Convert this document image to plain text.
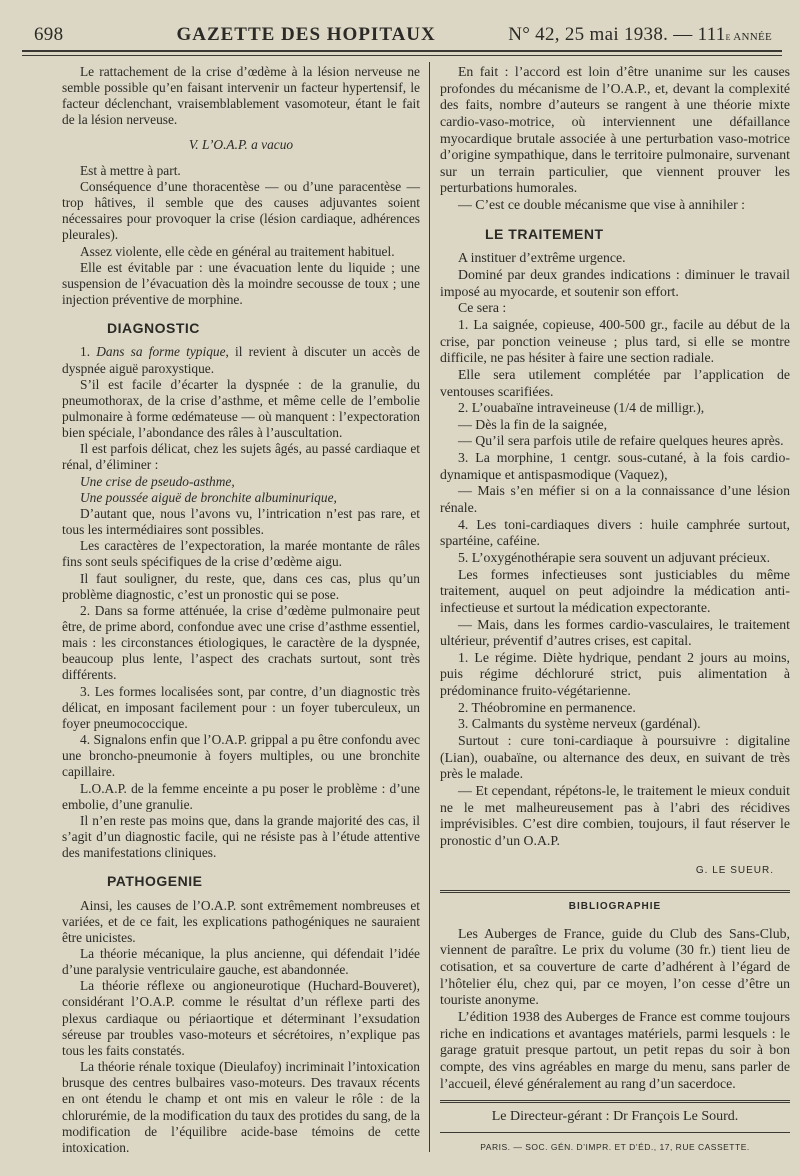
698	GAZETTE DES HOPITAUX	N° 42, 25 mai 1938. — 111e ANNÉE

Le rattachement de la crise d’œdème à la lésion nerveuse ne semble possible qu’en faisant intervenir un facteur hypertensif, le facteur déclenchant, vraisemblablement vasomoteur, étant le fait de la lésion nerveuse.

V. L’O.A.P. a vacuo

Est à mettre à part.

Conséquence d’une thoracentèse — ou d’une paracentèse — trop hâtives, il semble que des causes adjuvantes soient nécessaires pour provoquer la crise (lésion cardiaque, adhérences pleurales).

Assez violente, elle cède en général au traitement habituel.

Elle est évitable par : une évacuation lente du liquide ; une suspension de l’évacuation dès la moindre secousse de toux ; une injection préventive de morphine.

DIAGNOSTIC

1. Dans sa forme typique, il revient à discuter un accès de dyspnée aiguë paroxystique.

S’il est facile d’écarter la dyspnée : de la granulie, du pneumothorax, de la crise d’asthme, et même celle de l’embolie pulmonaire à forme œdémateuse — où manquent : l’expectoration bien spéciale, l’abondance des râles à l’auscultation.

Il est parfois délicat, chez les sujets âgés, au passé cardiaque et rénal, d’éliminer :

Une crise de pseudo-asthme,

Une poussée aiguë de bronchite albuminurique,

D’autant que, nous l’avons vu, l’intrication n’est pas rare, et tous les intermédiaires sont possibles.

Les caractères de l’expectoration, la marée montante de râles fins sont seuls spécifiques de la crise d’œdème aigu.

Il faut souligner, du reste, que, dans ces cas, plus qu’un problème diagnostic, c’est un pronostic qui se pose.

2. Dans sa forme atténuée, la crise d’œdème pulmonaire peut être, de prime abord, confondue avec une crise d’asthme essentiel, mais : les circonstances étiologiques, le caractère de la dyspnée, beaucoup plus lente, l’aspect des crachats surtout, sont très différents.

3. Les formes localisées sont, par contre, d’un diagnostic très délicat, en imposant facilement pour : un foyer tuberculeux, un foyer pneumococcique.

4. Signalons enfin que l’O.A.P. grippal a pu être confondu avec une broncho-pneumonie à foyers multiples, ou une bronchite capillaire.

L.O.A.P. de la femme enceinte a pu poser le problème : d’une embolie, d’une granulie.

Il n’en reste pas moins que, dans la grande majorité des cas, il s’agit d’un diagnostic facile, qui ne résiste pas à l’étude attentive des manifestations cliniques.

PATHOGENIE

Ainsi, les causes de l’O.A.P. sont extrêmement nombreuses et variées, et de ce fait, les explications pathogéniques ne sauraient être unicistes.

La théorie mécanique, la plus ancienne, qui défendait l’idée d’une paralysie ventriculaire gauche, est abandonnée.

La théorie réflexe ou angioneurotique (Huchard-Bouveret), considérant l’O.A.P. comme le résultat d’un réflexe parti des plexus cardiaque ou périaortique et déterminant l’exsudation séreuse par troubles vaso-moteurs et sécrétoires, n’explique pas tous les faits constatés.

La théorie rénale toxique (Dieulafoy) incriminait l’intoxication brusque des centres bulbaires vaso-moteurs. Des travaux récents en ont étendu le champ et ont mis en valeur le rôle : de la chlorurémie, de la modification du taux des protides du sang, de la modification de l’équilibre acide-base témoins de cette intoxication.

En fait : l’accord est loin d’être unanime sur les causes profondes du mécanisme de l’O.A.P., et, devant la complexité des faits, nombre d’auteurs se rangent à une théorie mixte cardio-vaso-motrice, où interviennent une défaillance myocardique brutale associée à une perturbation vaso-motrice d’origine sympathique, dans le territoire pulmonaire, survenant sur un terrain particulier, que viennent prouver les perturbations humorales.

— C’est ce double mécanisme que vise à annihiler :

LE TRAITEMENT

A instituer d’extrême urgence.

Dominé par deux grandes indications : diminuer le travail imposé au myocarde, et soutenir son effort.

Ce sera :

1. La saignée, copieuse, 400-500 gr., facile au début de la crise, par ponction veineuse ; plus tard, si elle se montre difficile, ne pas hésiter à faire une section radiale.

Elle sera utilement complétée par l’application de ventouses scarifiées.

2. L’ouabaïne intraveineuse (1/4 de milligr.),

— Dès la fin de la saignée,

— Qu’il sera parfois utile de refaire quelques heures après.

3. La morphine, 1 centgr. sous-cutané, à la fois cardio-dynamique et antispasmodique (Vaquez),

— Mais s’en méfier si on a la connaissance d’une lésion rénale.

4. Les toni-cardiaques divers : huile camphrée surtout, spartéine, caféine.

5. L’oxygénothérapie sera souvent un adjuvant précieux.

Les formes infectieuses sont justiciables du même traitement, auquel on peut adjoindre la médication anti-infectieuse et surtout la médication expectorante.

— Mais, dans les formes cardio-vasculaires, le traitement ultérieur, préventif d’autres crises, est capital.

1. Le régime. Diète hydrique, pendant 2 jours au moins, puis régime déchloruré strict, puis alimentation à prédominance fruito-végétarienne.

2. Théobromine en permanence.

3. Calmants du système nerveux (gardénal).

Surtout : cure toni-cardiaque à poursuivre : digitaline (Lian), ouabaïne, ou alternance des deux, en suivant de très près le malade.

— Et cependant, répétons-le, le traitement le mieux conduit ne le met malheureusement pas à l’abri des récidives imprévisibles. C’est dire combien, toujours, il faut réserver le pronostic d’un O.A.P.

G. LE SUEUR.
BIBLIOGRAPHIE

Les Auberges de France, guide du Club des Sans-Club, viennent de paraître. Le prix du volume (30 fr.) tient lieu de cotisation, et sa couverture de carte d’adhérent à l’égard de l’hôtelier élu, chez qui, par ce moyen, l’on cesse d’être un touriste anonyme.

L’édition 1938 des Auberges de France est comme toujours riche en indications et avantages matériels, parmi lesquels : le garage gratuit presque partout, un petit repas du soir à bon compte, des vins agréables en marge du menu, sans parler de l’accueil, élevé généralement au rang d’un sacerdoce.

Le Directeur-gérant : Dr François Le Sourd.
PARIS. — SOC. GÉN. D’IMPR. ET D’ÉD., 17, RUE CASSETTE.
